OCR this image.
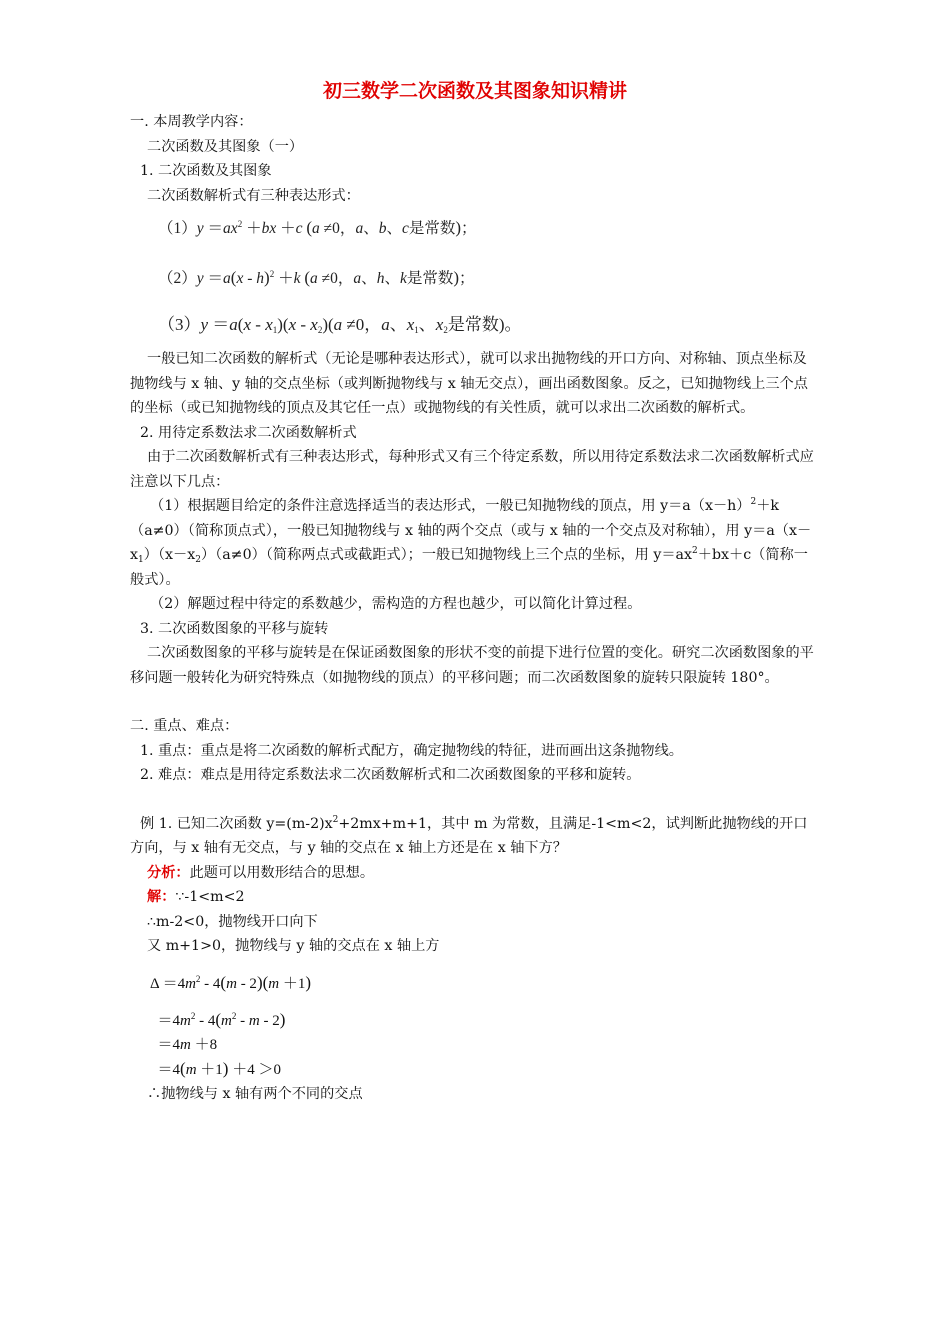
初三数学二次函数及其图象知识精讲

一. 本周教学内容：

二次函数及其图象（一）

1. 二次函数及其图象

二次函数解析式有三种表达形式：

$(1)y =ax^2 +bx +c$ (a ≠0，a、b、c是常数)；

（2）y ＝a(x - h)$^2$ ＋k (a ≠0，a、h、k是常数)；

$(3)y =a(x - x_1)(x - x_2)(a \ne 0$，a、$x_1$、$x_2$是常数)。

一般已知二次函数的解析式（无论是哪种表达形式），就可以求出抛物线的开口方向、对称轴、顶点坐标及抛物线与 x 轴、y 轴的交点坐标（或判断抛物线与 x 轴无交点），画出函数图象。反之，已知抛物线上三个点的坐标（或已知抛物线的顶点及其它任一点）或抛物线的有关性质，就可以求出二次函数的解析式。

2. 用待定系数法求二次函数解析式

由于二次函数解析式有三种表达形式，每种形式又有三个待定系数，所以用待定系数法求二次函数解析式应注意以下几点：

（1）根据题目给定的条件注意选择适当的表达形式，一般已知抛物线的顶点，用 $y=a(x-h)^2+k(a\ne 0)$（简称顶点式），一般已知抛物线与 x 轴的两个交点（或与 x 轴的一个交点及对称轴），用 $y=a(x-x_1)(x-x_2)(a\ne 0)$（简称两点式或截距式）；一般已知抛物线上三个点的坐标，用 $y=ax^2+bx+c$（简称一般式）。

（2）解题过程中待定的系数越少，需构造的方程也越少，可以简化计算过程。

3. 二次函数图象的平移与旋转

二次函数图象的平移与旋转是在保证函数图象的形状不变的前提下进行位置的变化。研究二次函数图象的平移问题一般转化为研究特殊点（如抛物线的顶点）的平移问题；而二次函数图象的旋转只限旋转 180°。

二. 重点、难点：

1. 重点：重点是将二次函数的解析式配方，确定抛物线的特征，进而画出这条抛物线。

2. 难点：难点是用待定系数法求二次函数解析式和二次函数图象的平移和旋转。

例 1. 已知二次函数 $y=(m-2)x^2+2mx+m+1$，其中 m 为常数，且满足-1<m<2，试判断此抛物线的开口方向，与 x 轴有无交点，与 y 轴的交点在 x 轴上方还是在 x 轴下方？

分析：此题可以用数形结合的思想。

解：∵-1<m<2

∴m-2<0，抛物线开口向下

又 m+1>0，抛物线与 y 轴的交点在 x 轴上方

$\Delta =4m^2 - 4(m - 2)(m +1)$

$=4m^2 - 4(m^2 - m - 2)$

＝4m ＋8

＝4(m ＋1) ＋4 ＞0

∴抛物线与 x 轴有两个不同的交点
